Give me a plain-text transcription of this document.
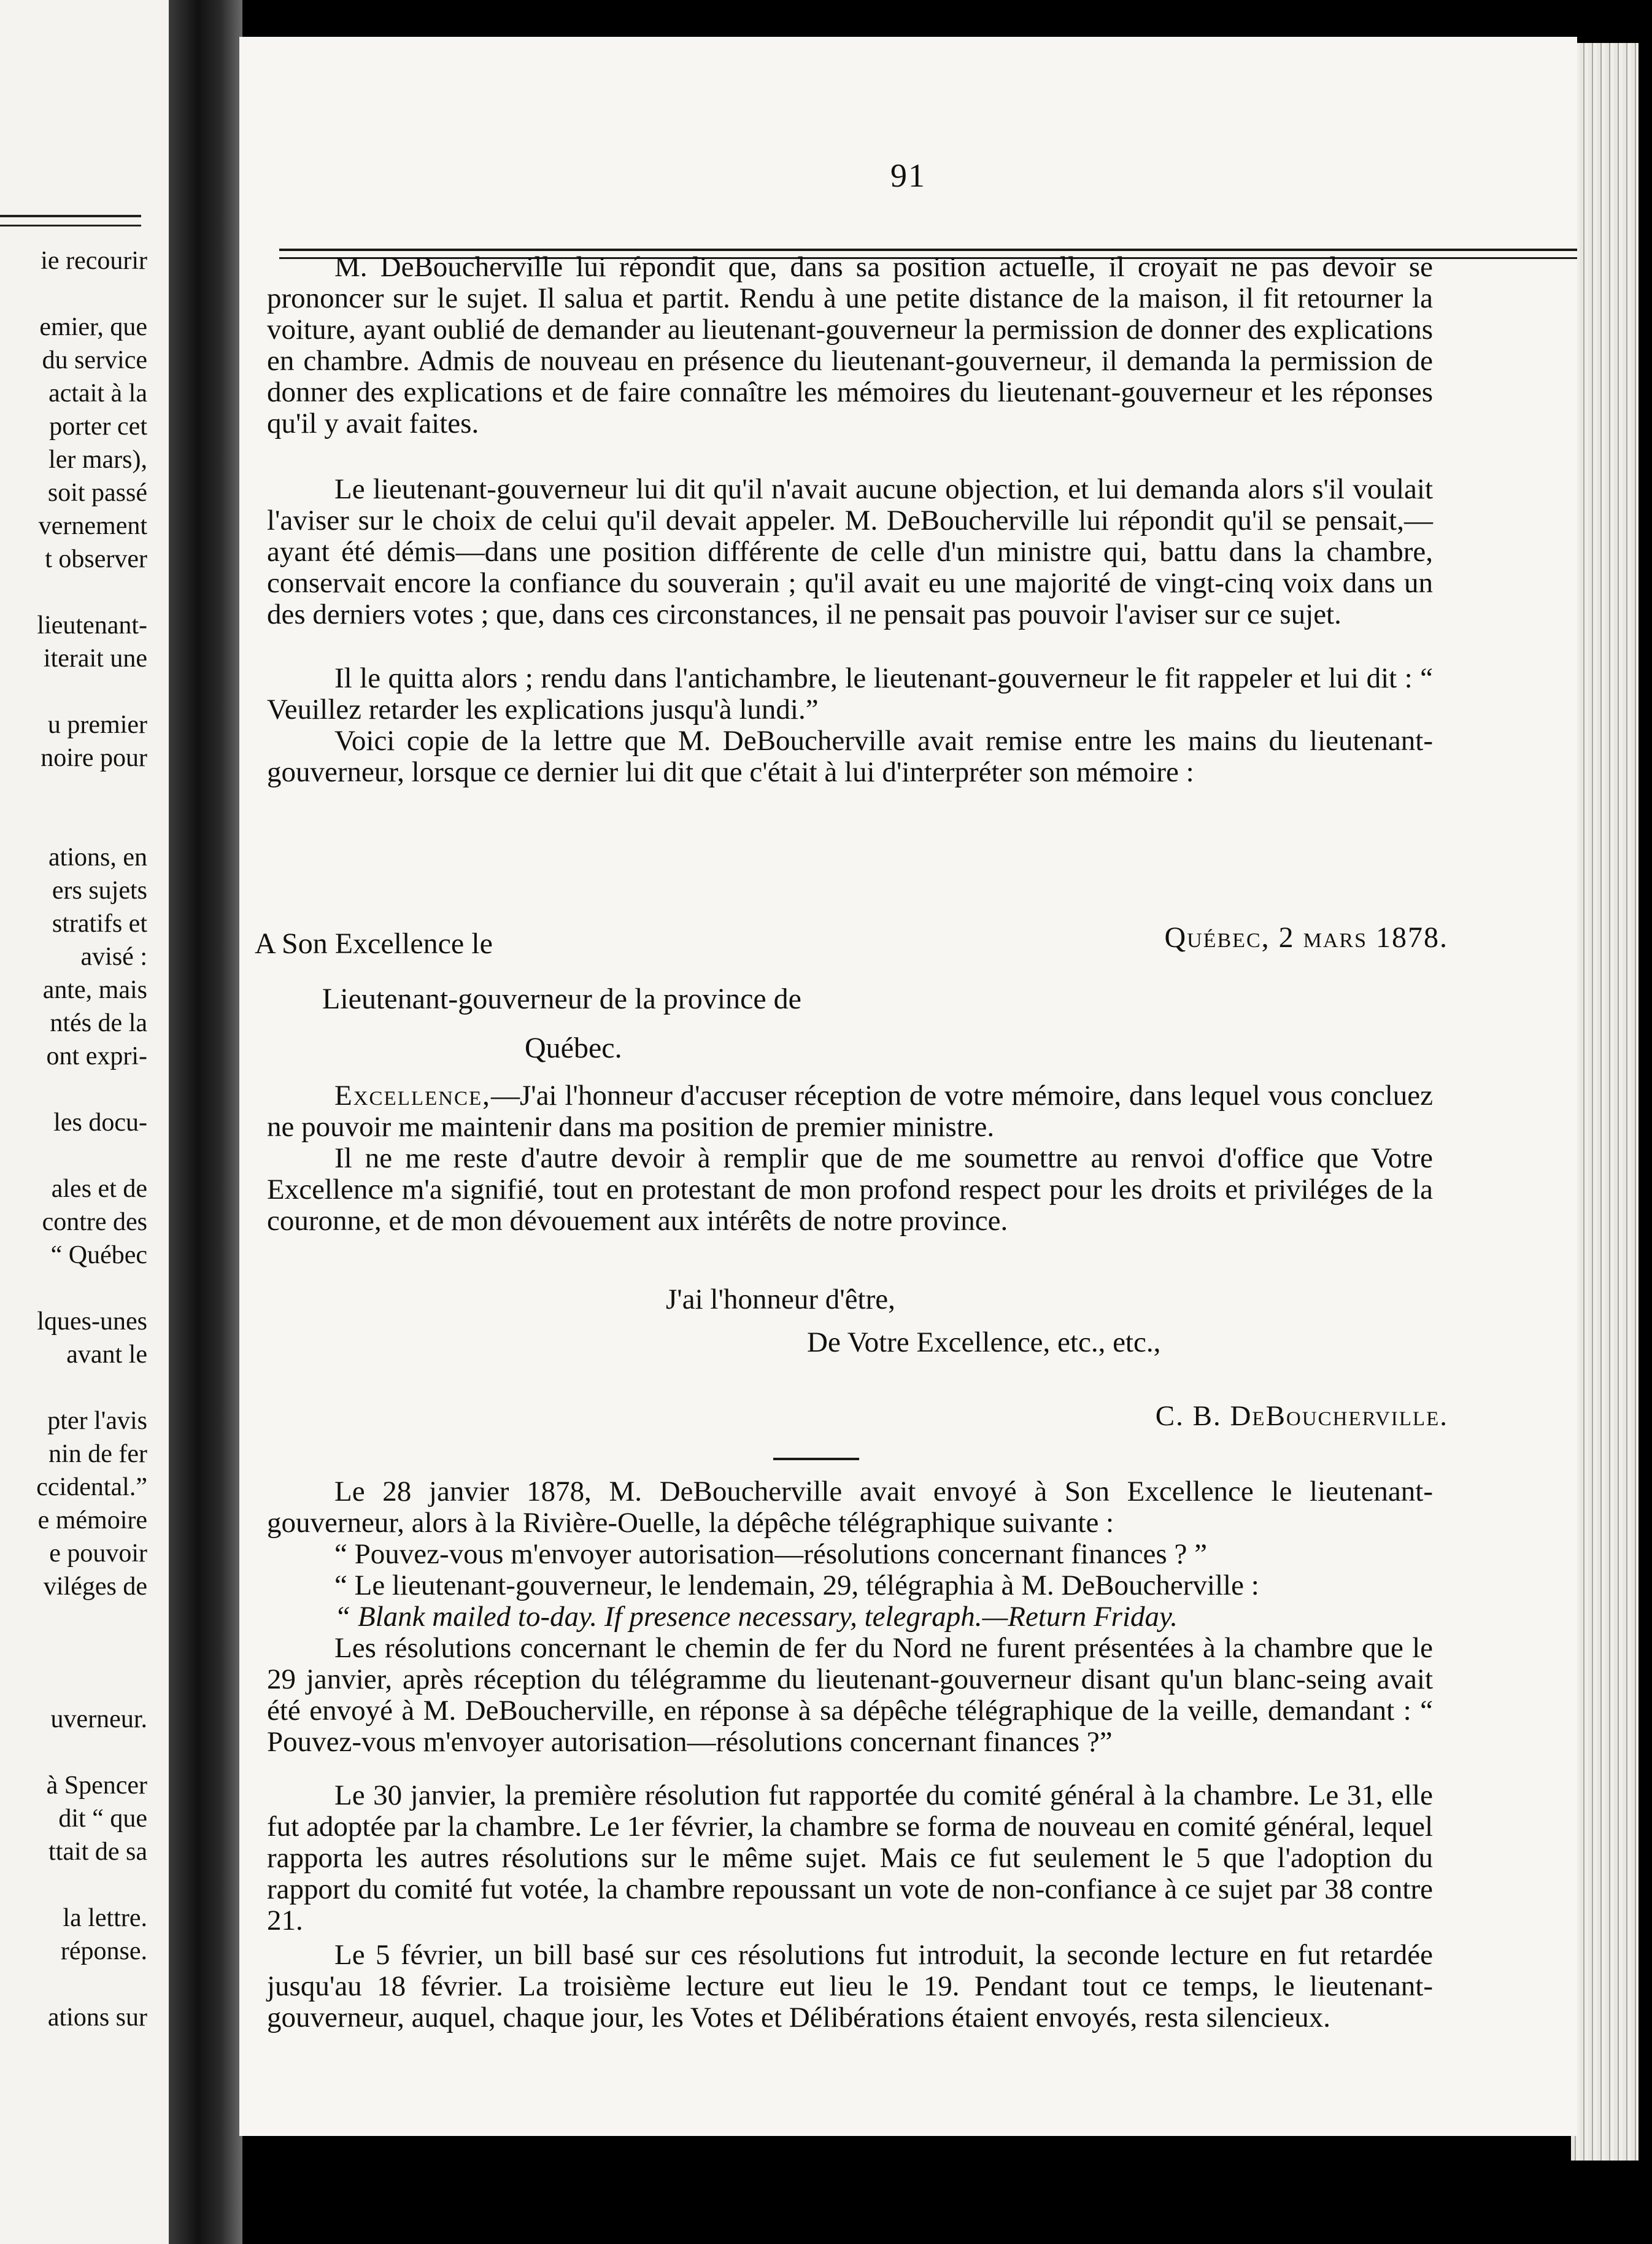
ie recourir
emier, que
du service
actait à la
porter cet
ler mars),
soit passé
vernement
t observer
lieutenant-
iterait une
u premier
noire pour
ations, en
ers sujets
stratifs et
avisé :
ante, mais
ntés de la
ont expri-
les docu-
ales et de
contre des
“ Québec
lques-unes
avant le
pter l'avis
nin de fer
ccidental.”
e mémoire
e pouvoir
viléges de
uverneur.
à Spencer
dit “ que
ttait de sa
la lettre.
réponse.
ations sur
91

M. DeBoucherville lui répondit que, dans sa position actuelle, il croyait ne pas devoir se prononcer sur le sujet. Il salua et partit. Rendu à une petite distance de la maison, il fit retourner la voiture, ayant oublié de demander au lieutenant-gouverneur la permission de donner des explications en chambre. Admis de nouveau en présence du lieutenant-gouverneur, il demanda la permission de donner des explications et de faire connaître les mémoires du lieutenant-gouverneur et les réponses qu'il y avait faites.

Le lieutenant-gouverneur lui dit qu'il n'avait aucune objection, et lui demanda alors s'il voulait l'aviser sur le choix de celui qu'il devait appeler. M. DeBoucherville lui répondit qu'il se pensait,—ayant été démis—dans une position différente de celle d'un ministre qui, battu dans la chambre, conservait encore la confiance du souverain ; qu'il avait eu une majorité de vingt-cinq voix dans un des derniers votes ; que, dans ces circonstances, il ne pensait pas pouvoir l'aviser sur ce sujet.

Il le quitta alors ; rendu dans l'antichambre, le lieutenant-gouverneur le fit rappeler et lui dit : “ Veuillez retarder les explications jusqu'à lundi.”

Voici copie de la lettre que M. DeBoucherville avait remise entre les mains du lieutenant-gouverneur, lorsque ce dernier lui dit que c'était à lui d'interpréter son mémoire :

Québec, 2 mars 1878.
A Son Excellence le
Lieutenant-gouverneur de la province de
Québec.

Excellence,—J'ai l'honneur d'accuser réception de votre mémoire, dans lequel vous concluez ne pouvoir me maintenir dans ma position de premier ministre.

Il ne me reste d'autre devoir à remplir que de me soumettre au renvoi d'office que Votre Excellence m'a signifié, tout en protestant de mon profond respect pour les droits et priviléges de la couronne, et de mon dévouement aux intérêts de notre province.

J'ai l'honneur d'être,
De Votre Excellence, etc., etc.,
C. B. DeBoucherville.

Le 28 janvier 1878, M. DeBoucherville avait envoyé à Son Excellence le lieutenant-gouverneur, alors à la Rivière-Ouelle, la dépêche télégraphique suivante :

“ Pouvez-vous m'envoyer autorisation—résolutions concernant finances ? ”

“ Le lieutenant-gouverneur, le lendemain, 29, télégraphia à M. DeBoucherville :

“ Blank mailed to-day. If presence necessary, telegraph.—Return Friday.

Les résolutions concernant le chemin de fer du Nord ne furent présentées à la chambre que le 29 janvier, après réception du télégramme du lieutenant-gouverneur disant qu'un blanc-seing avait été envoyé à M. DeBoucherville, en réponse à sa dépêche télégraphique de la veille, demandant : “ Pouvez-vous m'envoyer autorisation—résolutions concernant finances ?”

Le 30 janvier, la première résolution fut rapportée du comité général à la chambre. Le 31, elle fut adoptée par la chambre. Le 1er février, la chambre se forma de nouveau en comité général, lequel rapporta les autres résolutions sur le même sujet. Mais ce fut seulement le 5 que l'adoption du rapport du comité fut votée, la chambre repoussant un vote de non-confiance à ce sujet par 38 contre 21.

Le 5 février, un bill basé sur ces résolutions fut introduit, la seconde lecture en fut retardée jusqu'au 18 février. La troisième lecture eut lieu le 19. Pendant tout ce temps, le lieutenant-gouverneur, auquel, chaque jour, les Votes et Délibérations étaient envoyés, resta silencieux.
